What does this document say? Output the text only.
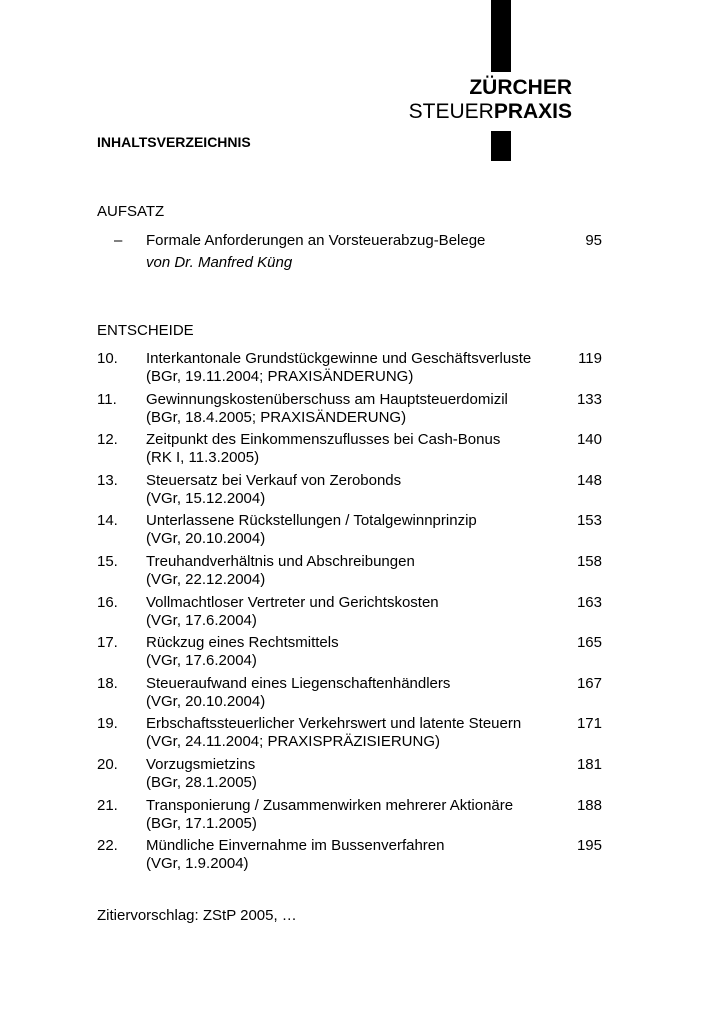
ZÜRCHER
STEUERPRAXIS
INHALTSVERZEICHNIS
AUFSATZ
– Formale Anforderungen an Vorsteuerabzug-Belege
von Dr. Manfred Küng
95
ENTSCHEIDE
10. Interkantonale Grundstückgewinne und Geschäftsverluste
(BGr, 19.11.2004; PRAXISÄNDERUNG)
119
11. Gewinnungskostenüberschuss am Hauptsteuerdomizil
(BGr, 18.4.2005; PRAXISÄNDERUNG)
133
12. Zeitpunkt des Einkommenszuflusses bei Cash-Bonus
(RK I, 11.3.2005)
140
13. Steuersatz bei Verkauf von Zerobonds
(VGr, 15.12.2004)
148
14. Unterlassene Rückstellungen / Totalgewinnprinzip
(VGr, 20.10.2004)
153
15. Treuhandverhältnis und Abschreibungen
(VGr, 22.12.2004)
158
16. Vollmachtloser Vertreter und Gerichtskosten
(VGr, 17.6.2004)
163
17. Rückzug eines Rechtsmittels
(VGr, 17.6.2004)
165
18. Steueraufwand eines Liegenschaftenhändlers
(VGr, 20.10.2004)
167
19. Erbschaftssteuerlicher Verkehrswert und latente Steuern
(VGr, 24.11.2004; PRAXISPRÄZISIERUNG)
171
20. Vorzugsmietzins
(BGr, 28.1.2005)
181
21. Transponierung / Zusammenwirken mehrerer Aktionäre
(BGr, 17.1.2005)
188
22. Mündliche Einvernahme im Bussenverfahren
(VGr, 1.9.2004)
195
Zitiervorschlag: ZStP 2005, …
